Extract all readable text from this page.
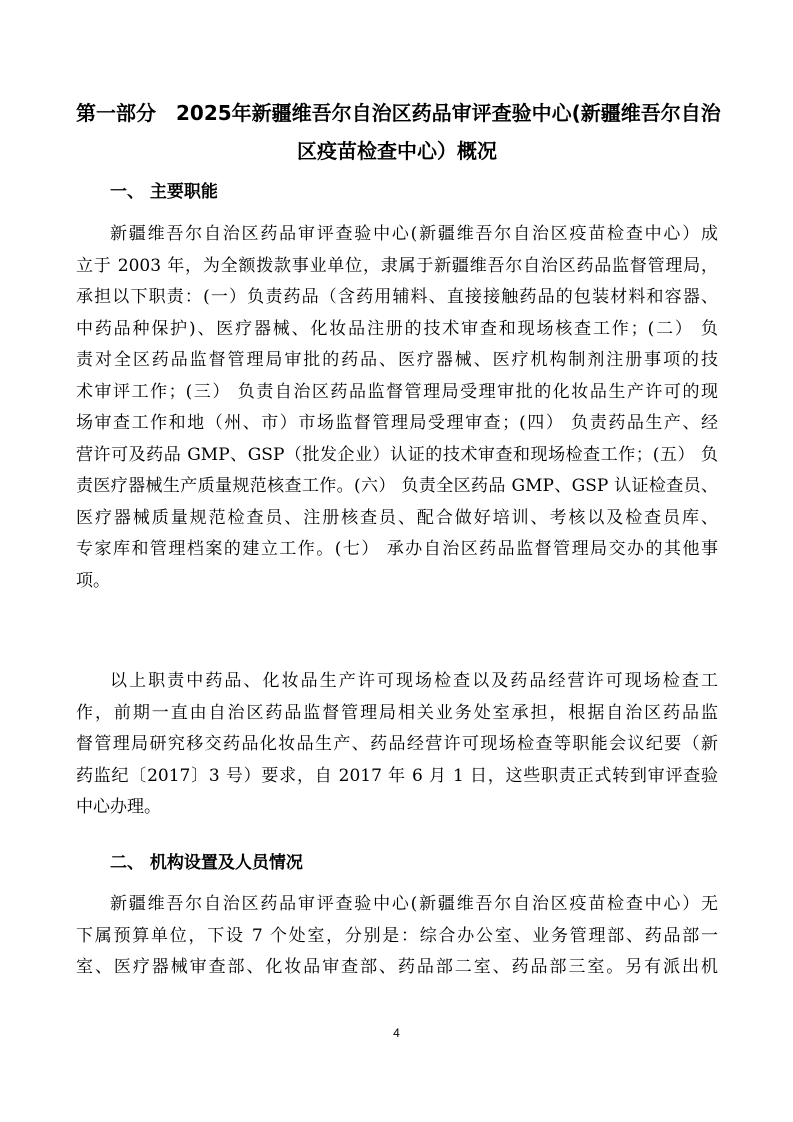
第一部分　2025年新疆维吾尔自治区药品审评查验中心(新疆维吾尔自治
区疫苗检查中心）概况
一、 主要职能
新疆维吾尔自治区药品审评查验中心(新疆维吾尔自治区疫苗检查中心）成
立于 2003 年，为全额拨款事业单位，隶属于新疆维吾尔自治区药品监督管理局，
承担以下职责：(一）负责药品（含药用辅料、直接接触药品的包装材料和容器、
中药品种保护)、医疗器械、化妆品注册的技术审查和现场核查工作；(二） 负
责对全区药品监督管理局审批的药品、医疗器械、医疗机构制剂注册事项的技
术审评工作；(三） 负责自治区药品监督管理局受理审批的化妆品生产许可的现
场审查工作和地（州、市）市场监督管理局受理审查；(四） 负责药品生产、经
营许可及药品 GMP、GSP（批发企业）认证的技术审查和现场检查工作；(五） 负
责医疗器械生产质量规范核查工作。(六） 负责全区药品 GMP、GSP 认证检查员、
医疗器械质量规范检查员、注册核查员、配合做好培训、考核以及检查员库、
专家库和管理档案的建立工作。(七） 承办自治区药品监督管理局交办的其他事
项。
以上职责中药品、化妆品生产许可现场检查以及药品经营许可现场检查工
作，前期一直由自治区药品监督管理局相关业务处室承担，根据自治区药品监
督管理局研究移交药品化妆品生产、药品经营许可现场检查等职能会议纪要（新
药监纪〔2017〕3 号）要求，自 2017 年 6 月 1 日，这些职责正式转到审评查验
中心办理。
二、 机构设置及人员情况
新疆维吾尔自治区药品审评查验中心(新疆维吾尔自治区疫苗检查中心）无
下属预算单位，下设 7 个处室，分别是：综合办公室、业务管理部、药品部一
室、医疗器械审查部、化妆品审查部、药品部二室、药品部三室。另有派出机
4
